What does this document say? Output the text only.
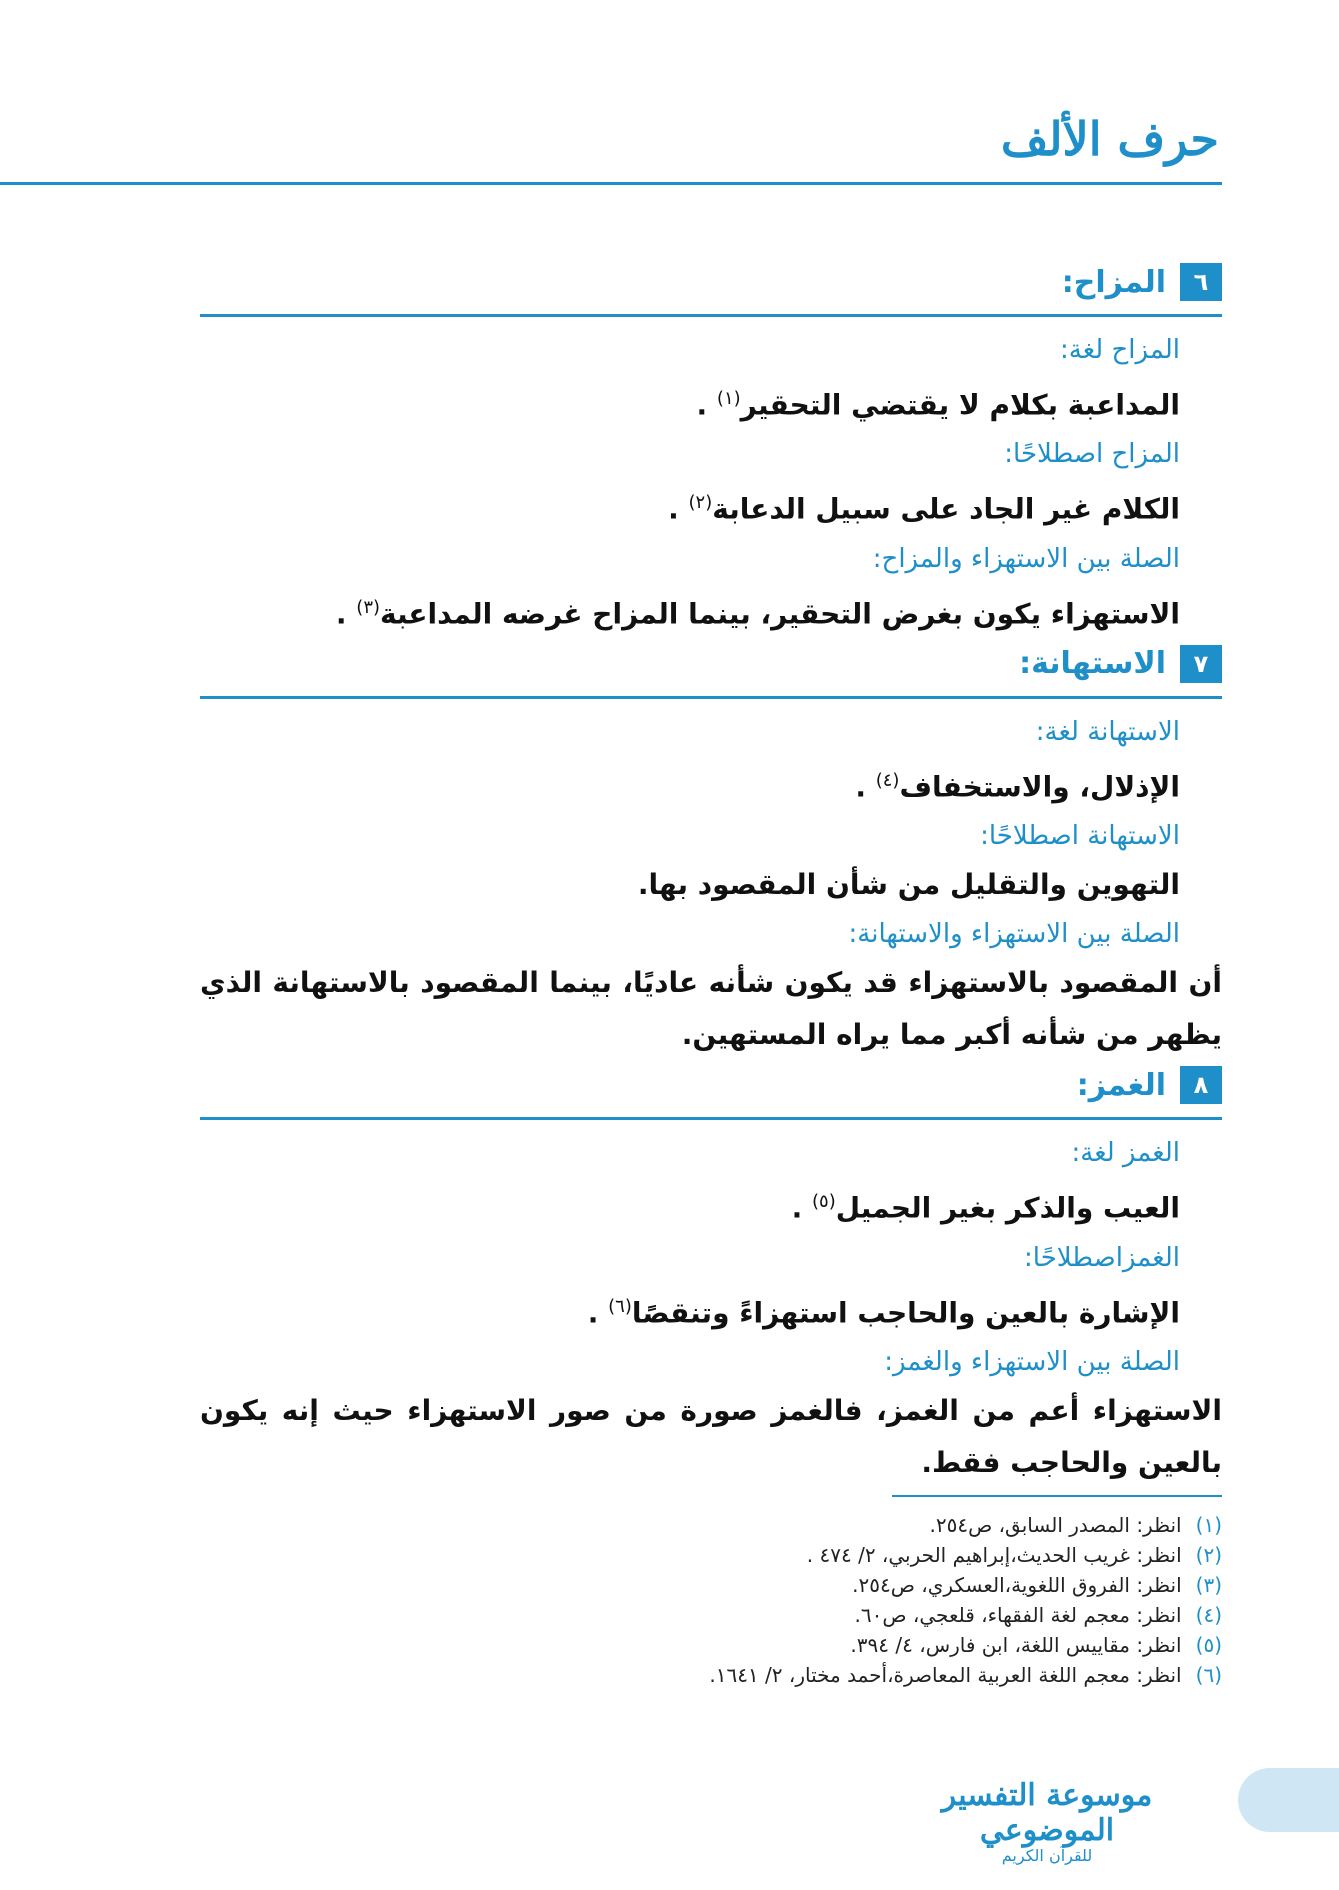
حرف الألف
٦
المزاح:

المزاح لغة:

المداعبة بكلام لا يقتضي التحقير$^{(١)}$ .

المزاح اصطلاحًا:

الكلام غير الجاد على سبيل الدعابة$^{(٢)}$ .

الصلة بين الاستهزاء والمزاح:

الاستهزاء يكون بغرض التحقير، بينما المزاح غرضه المداعبة$^{(٣)}$ .

٧
الاستهانة:

الاستهانة لغة:

الإذلال، والاستخفاف$^{(٤)}$ .

الاستهانة اصطلاحًا:

التهوين والتقليل من شأن المقصود بها.

الصلة بين الاستهزاء والاستهانة:

أن المقصود بالاستهزاء قد يكون شأنه عاديًا، بينما المقصود بالاستهانة الذي يظهر من شأنه أكبر مما يراه المستهين.

٨
الغمز:

الغمز لغة:

العيب والذكر بغير الجميل$^{(٥)}$ .

الغمزاصطلاحًا:

الإشارة بالعين والحاجب استهزاءً وتنقصًا$^{(٦)}$ .

الصلة بين الاستهزاء والغمز:

الاستهزاء أعم من الغمز، فالغمز صورة من صور الاستهزاء حيث إنه يكون بالعين والحاجب فقط.

(١)
انظر: المصدر السابق، ص٢٥٤.
(٢)
انظر: غريب الحديث،إبراهيم الحربي، ٢/ ٤٧٤ .
(٣)
انظر: الفروق اللغوية،العسكري، ص٢٥٤.
(٤)
انظر: معجم لغة الفقهاء، قلعجي، ص٦٠.
(٥)
انظر: مقاييس اللغة، ابن فارس، ٤/ ٣٩٤.
(٦)
انظر: معجم اللغة العربية المعاصرة،أحمد مختار، ٢/ ١٦٤١.
موسوعة التفسير الموضوعي
للقرآن الكريم
